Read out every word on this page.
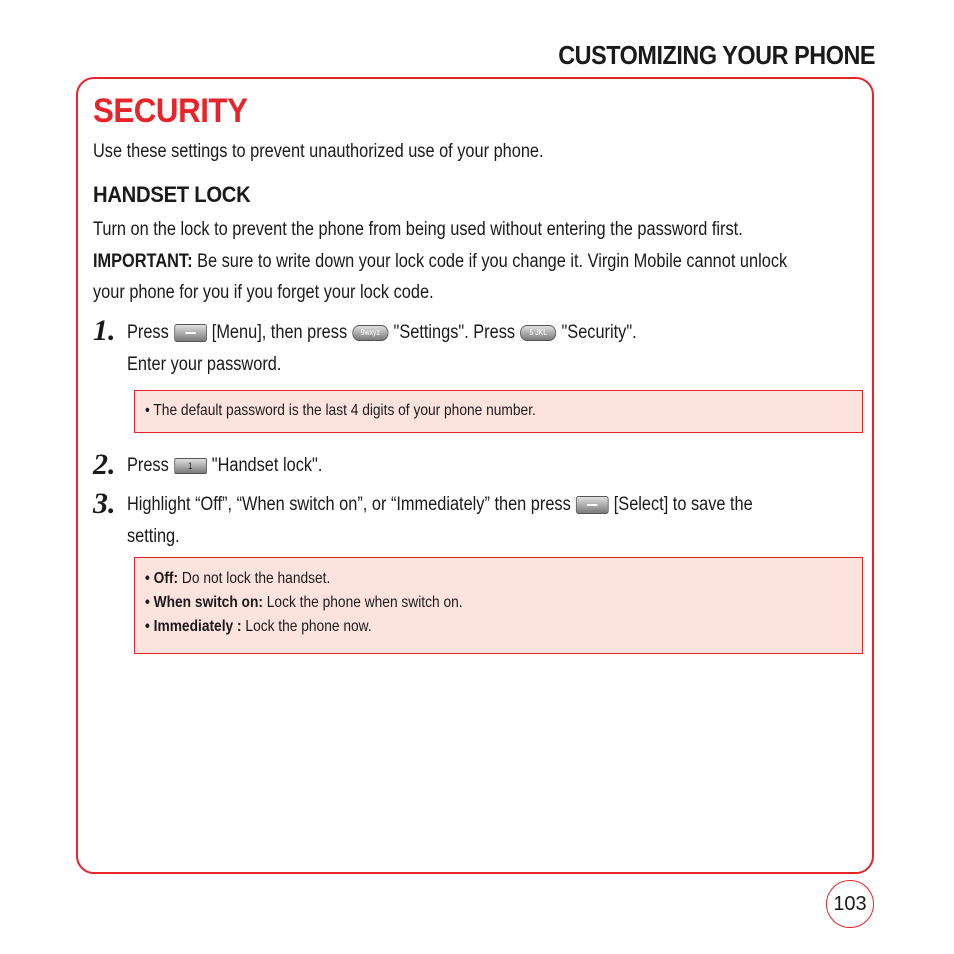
CUSTOMIZING YOUR PHONE
SECURITY
Use these settings to prevent unauthorized use of your phone.
HANDSET LOCK
Turn on the lock to prevent the phone from being used without entering the password first.
IMPORTANT: Be sure to write down your lock code if you change it. Virgin Mobile cannot unlock
your phone for you if you forget your lock code.
1. Press [Menu], then press 9wxyz "Settings". Press 5 JKL "Security".
Enter your password.
• The default password is the last 4 digits of your phone number.
2. Press 1 "Handset lock".
3. Highlight “Off”, “When switch on”, or “Immediately” then press [Select] to save the
setting.
• Off: Do not lock the handset.
• When switch on: Lock the phone when switch on.
• Immediately : Lock the phone now.
103
